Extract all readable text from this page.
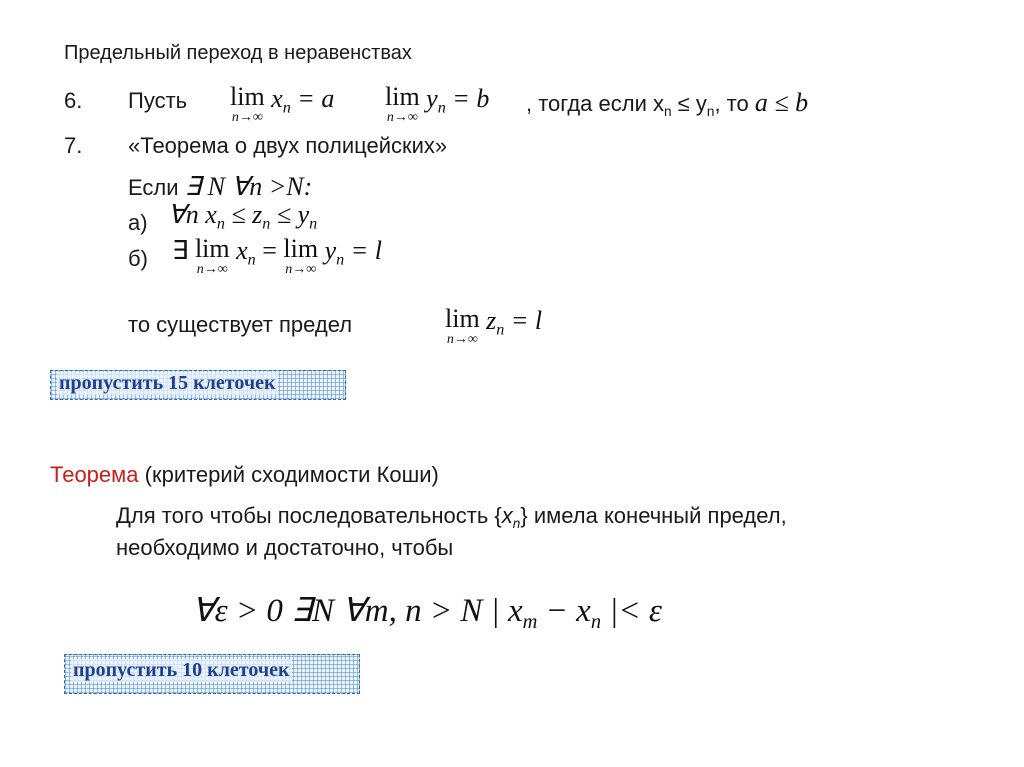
Предельный переход в неравенствах
6. Пусть lim
n→∞
$x_n = a$ lim
n→∞
$y_n = b$ , тогда если $x_n \le y_n$, то a ≤ b
7. «Теорема о двух полицейских»
Если ∃ N ∀n >N:
а) ∀n $x_n \le z_n \le y_n$
б) ∃ lim
n→∞
$x_n = \lim$
n→∞
$y_n = l$
то существует предел	lim
n→∞
$z_n = l$
пропустить 15 клеточек
Теорема (критерий сходимости Коши)
Для того чтобы последовательность $\{x_n\}$ имела конечный предел,
необходимо и достаточно, чтобы
∀ε > 0 ∃N ∀m, n > N | $x_m - x_n$ |< ε
пропустить 10 клеточек
